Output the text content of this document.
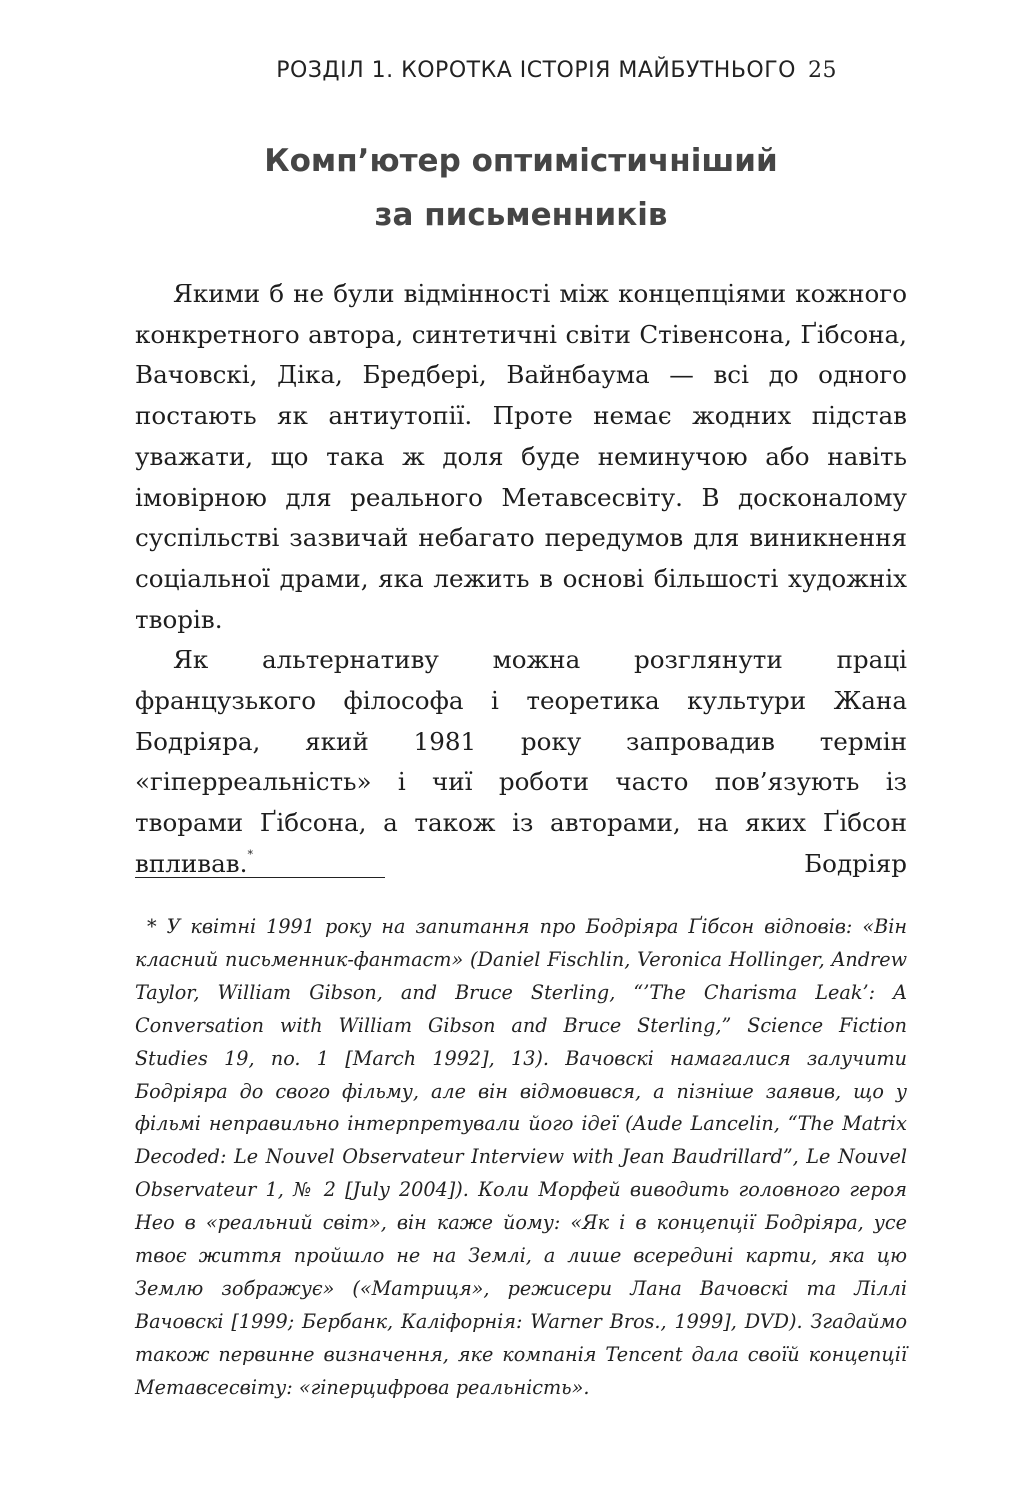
РОЗДІЛ 1. КОРОТКА ІСТОРІЯ МАЙБУТНЬОГО 25
Комп’ютер оптимістичніший
за письменників

Якими б не були відмінності між концепціями кожного конкретного автора, синтетичні світи Стівенсона, Ґібсона, Вачовскі, Діка, Бредбері, Вайнбаума — всі до одного постають як антиутопії. Проте немає жодних підстав уважати, що така ж доля буде неминучою або навіть імовірною для реального Метавсесвіту. В досконалому суспільстві зазвичай небагато передумов для виникнення соціальної драми, яка лежить в основі більшості художніх творів.

Як альтернативу можна розглянути праці французького філософа і теоретика культури Жана Бодріяра, який 1981 року запровадив термін «гіперреальність» і чиї роботи часто пов’язують із творами Ґібсона, а також із авторами, на яких Ґібсон впливав.* Бодріяр

* У квітні 1991 року на запитання про Бодріяра Ґібсон відповів: «Він класний письменник-фантаст» (Daniel Fischlin, Veronica Hollinger, Andrew Taylor, William Gibson, and Bruce Sterling, “’The Charisma Leak’: A Conversation with William Gibson and Bruce Sterling,” Science Fiction Studies 19, no. 1 [March 1992], 13). Вачовскі намагалися залучити Бодріяра до свого фільму, але він відмовився, а пізніше заявив, що у фільмі неправильно інтерпретували його ідеї (Aude Lancelin, “The Matrix Decoded: Le Nouvel Observateur Interview with Jean Baudrillard”, Le Nouvel Observateur 1, № 2 [July 2004]). Коли Морфей виводить головного героя Нео в «реальний світ», він каже йому: «Як і в концепції Бодріяра, усе твоє життя пройшло не на Землі, а лише всередині карти, яка цю Землю зображує» («Матриця», режисери Лана Вачовскі та Ліллі Вачовскі [1999; Бербанк, Каліфорнія: Warner Bros., 1999], DVD). Згадаймо також первинне визначення, яке компанія Tencent дала своїй концепції Метавсесвіту: «гіперцифрова реальність».
